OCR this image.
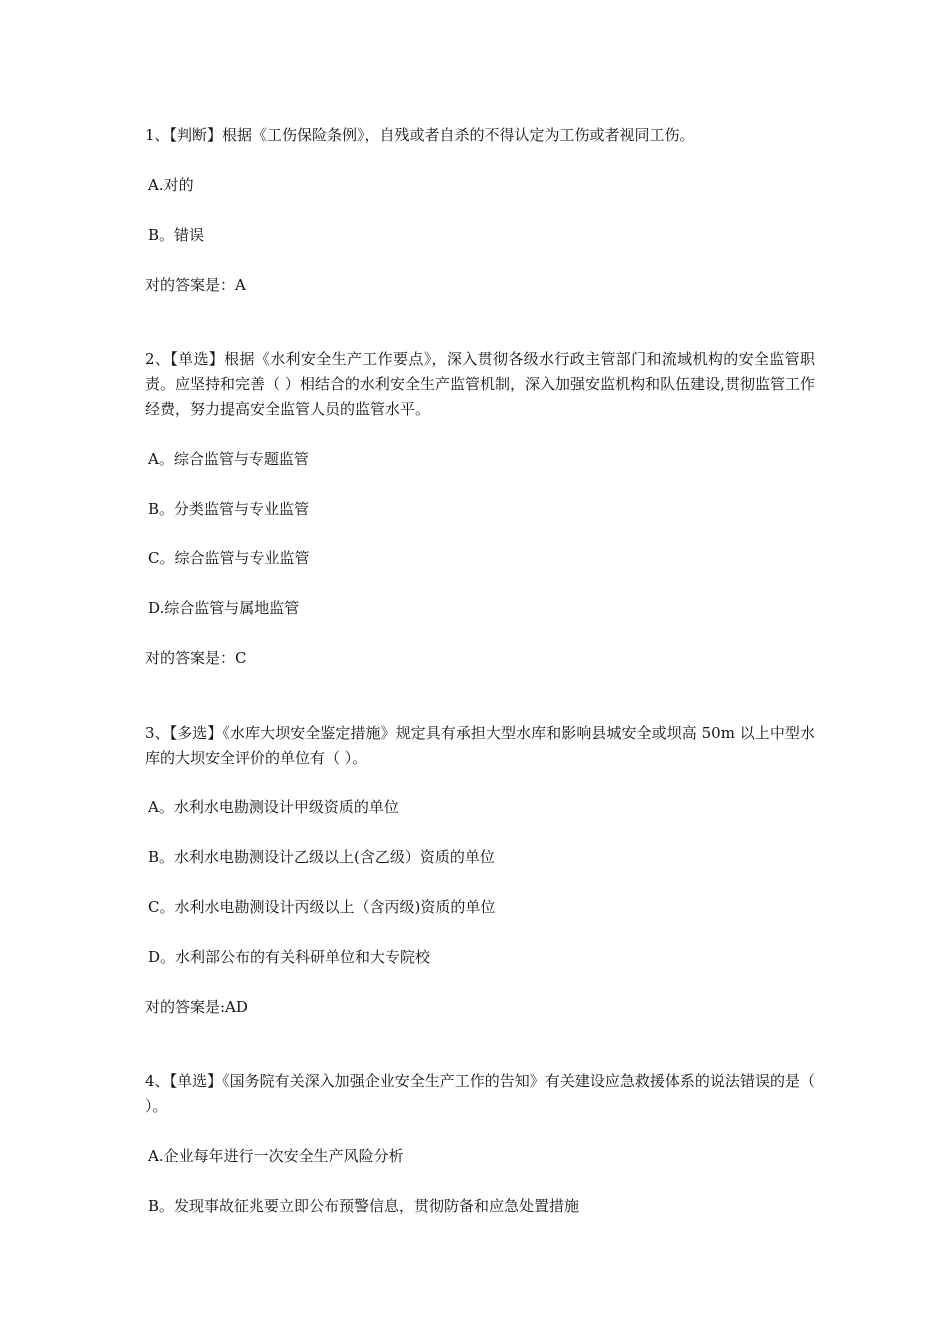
1、【判断】根据《工伤保险条例》，自残或者自杀的不得认定为工伤或者视同工伤。
A.对的
B。错误
对的答案是：A
2、【单选】根据《水利安全生产工作要点》，深入贯彻各级水行政主管部门和流域机构的安全监管职责。应坚持和完善（ ）相结合的水利安全生产监管机制，深入加强安监机构和队伍建设,贯彻监管工作经费，努力提高安全监管人员的监管水平。
A。综合监管与专题监管
B。分类监管与专业监管
C。综合监管与专业监管
D.综合监管与属地监管
对的答案是：C
3、【多选】《水库大坝安全鉴定措施》规定具有承担大型水库和影响县城安全或坝高 50m 以上中型水库的大坝安全评价的单位有（ ）。
A。水利水电勘测设计甲级资质的单位
B。水利水电勘测设计乙级以上(含乙级）资质的单位
C。水利水电勘测设计丙级以上（含丙级)资质的单位
D。水利部公布的有关科研单位和大专院校
对的答案是:AD
4、【单选】《国务院有关深入加强企业安全生产工作的告知》有关建设应急救援体系的说法错误的是（ ）。
A.企业每年进行一次安全生产风险分析
B。发现事故征兆要立即公布预警信息，贯彻防备和应急处置措施
